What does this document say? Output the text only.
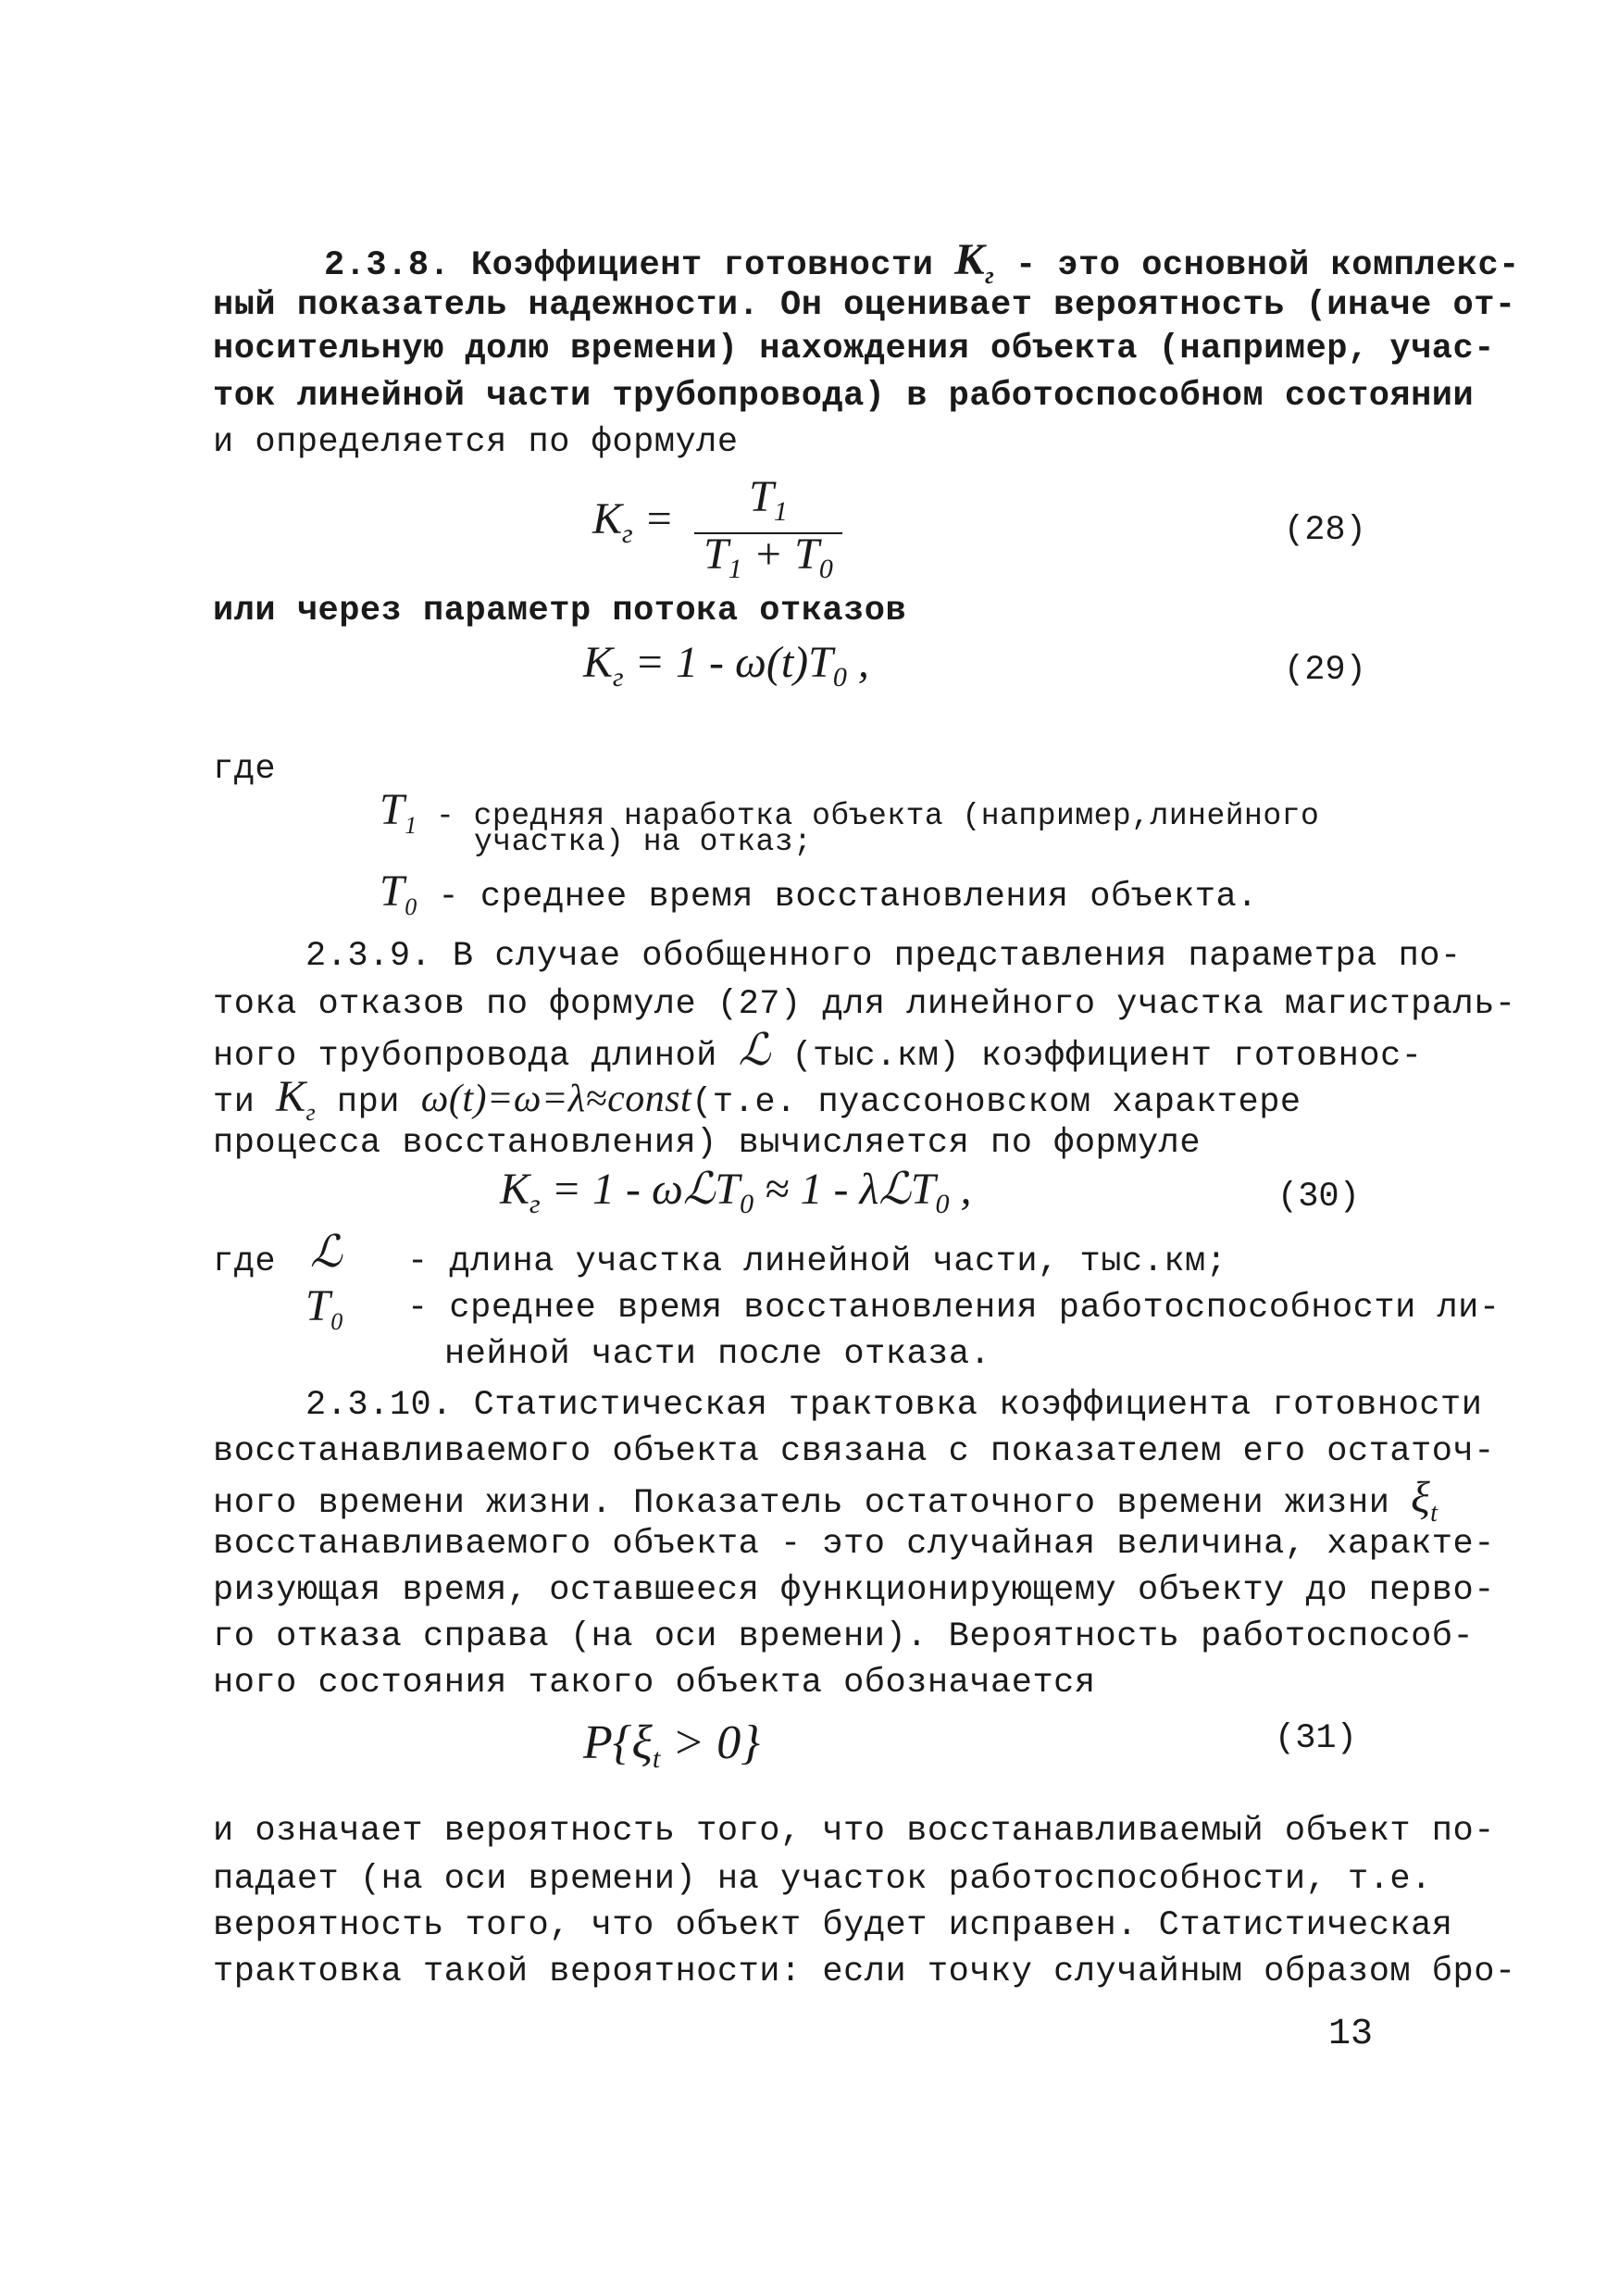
2.3.8. Коэффициент готовности $К_г$ - это основной комплекс-
ный показатель надежности. Он оценивает вероятность (иначе от-
носительную долю времени) нахождения объекта (например, учас-
ток линейной части трубопровода) в работоспособном состоянии
и определяется по формуле
$К_г$ =	$T_1$
$T_1 + T_0$
(28)
или через параметр потока отказов
$К_г = 1 - \omega(t)T_0$ ,	(29)
где
$T_1$ - средняя наработка объекта (например,линейного
участка) на отказ;
$T_0$ - среднее время восстановления объекта.
2.3.9. В случае обобщенного представления параметра по-
тока отказов по формуле (27) для линейного участка магистраль-
ного трубопровода длиной ℒ (тыс.км) коэффициент готовнос-
ти $К_г$ при ω(t)=ω=λ≈const(т.е. пуассоновском характере
процесса восстановления) вычисляется по формуле
$К_г = 1$ - ωℒT$_0$ ≈ 1 - λℒT$_0$ ,	(30)
где ℒ - длина участка линейной части, тыс.км;
$T_0$ - среднее время восстановления работоспособности ли-
нейной части после отказа.
2.3.10. Статистическая трактовка коэффициента готовности
восстанавливаемого объекта связана с показателем его остаточ-
ного времени жизни. Показатель остаточного времени жизни $\xi_t$
восстанавливаемого объекта - это случайная величина, характе-
ризующая время, оставшееся функционирующему объекту до перво-
го отказа справа (на оси времени). Вероятность работоспособ-
ного состояния такого объекта обозначается
P{ξt > 0}	(31)
и означает вероятность того, что восстанавливаемый объект по-
падает (на оси времени) на участок работоспособности, т.е.
вероятность того, что объект будет исправен. Статистическая
трактовка такой вероятности: если точку случайным образом бро-
13
